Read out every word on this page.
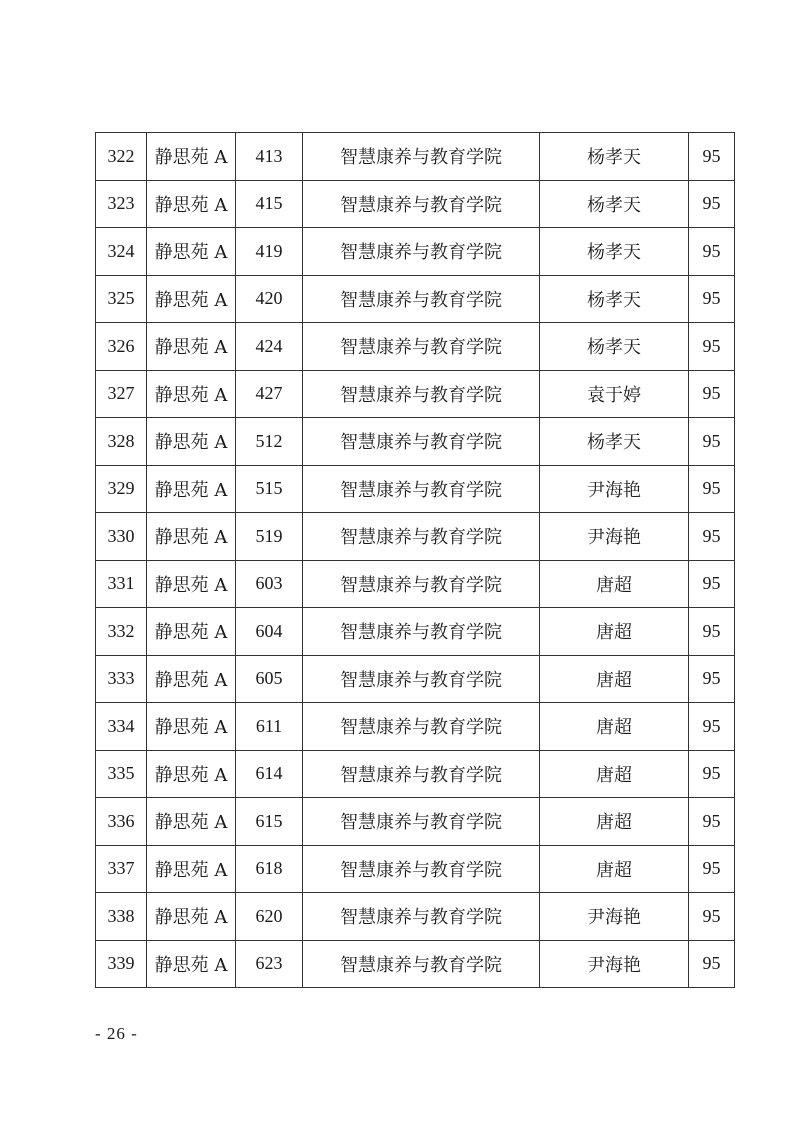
322	静思苑 A	413	智慧康养与教育学院	杨孝天	95
323	静思苑 A	415	智慧康养与教育学院	杨孝天	95
324	静思苑 A	419	智慧康养与教育学院	杨孝天	95
325	静思苑 A	420	智慧康养与教育学院	杨孝天	95
326	静思苑 A	424	智慧康养与教育学院	杨孝天	95
327	静思苑 A	427	智慧康养与教育学院	袁于婷	95
328	静思苑 A	512	智慧康养与教育学院	杨孝天	95
329	静思苑 A	515	智慧康养与教育学院	尹海艳	95
330	静思苑 A	519	智慧康养与教育学院	尹海艳	95
331	静思苑 A	603	智慧康养与教育学院	唐超	95
332	静思苑 A	604	智慧康养与教育学院	唐超	95
333	静思苑 A	605	智慧康养与教育学院	唐超	95
334	静思苑 A	611	智慧康养与教育学院	唐超	95
335	静思苑 A	614	智慧康养与教育学院	唐超	95
336	静思苑 A	615	智慧康养与教育学院	唐超	95
337	静思苑 A	618	智慧康养与教育学院	唐超	95
338	静思苑 A	620	智慧康养与教育学院	尹海艳	95
339	静思苑 A	623	智慧康养与教育学院	尹海艳	95
- 26 -
